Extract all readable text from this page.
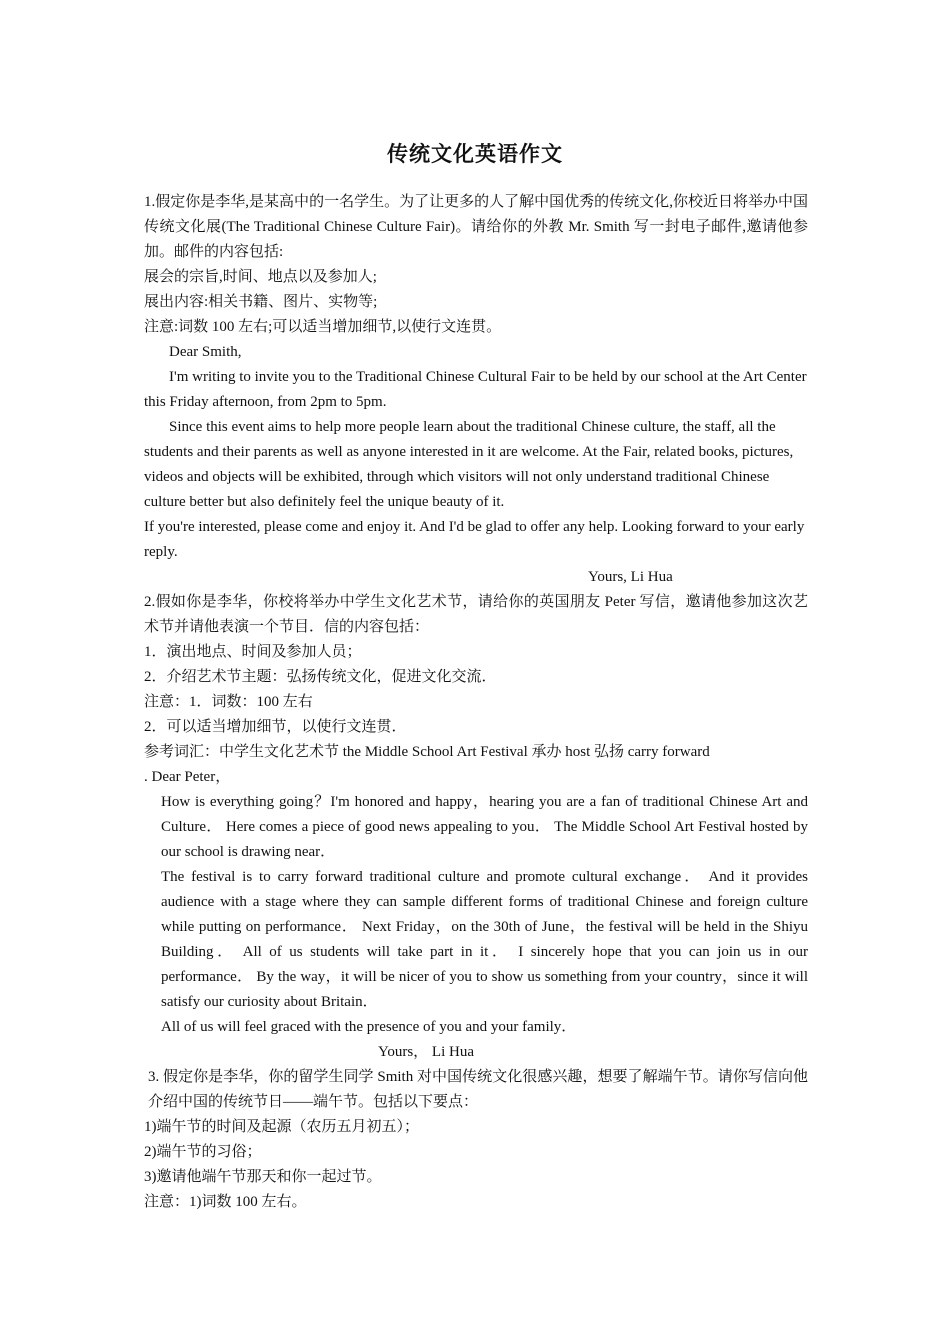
传统文化英语作文

1.假定你是李华,是某高中的一名学生。为了让更多的人了解中国优秀的传统文化,你校近日将举办中国传统文化展(The Traditional Chinese Culture Fair)。请给你的外教 Mr. Smith 写一封电子邮件,邀请他参加。邮件的内容包括:

展会的宗旨,时间、地点以及参加人;

展出内容:相关书籍、图片、实物等;

注意:词数 100 左右;可以适当增加细节,以使行文连贯。

Dear Smith,

I'm writing to invite you to the Traditional Chinese Cultural Fair to be held by our school at the Art Center this Friday afternoon, from 2pm to 5pm.

Since this event aims to help more people learn about the traditional Chinese culture, the staff, all the students and their parents as well as anyone interested in it are welcome. At the Fair, related books, pictures, videos and objects will be exhibited, through which visitors will not only understand traditional Chinese culture better but also definitely feel the unique beauty of it.

If you're interested, please come and enjoy it. And I'd be glad to offer any help. Looking forward to your early reply.

Yours, Li Hua

2.假如你是李华，你校将举办中学生文化艺术节，请给你的英国朋友 Peter 写信，邀请他参加这次艺术节并请他表演一个节目．信的内容包括：

1．演出地点、时间及参加人员；

2．介绍艺术节主题：弘扬传统文化，促进文化交流．

注意：1．词数：100 左右

2．可以适当增加细节，以使行文连贯．

参考词汇：中学生文化艺术节 the Middle School Art Festival 承办 host 弘扬 carry forward

. Dear Peter，

How is everything going？I'm honored and happy，hearing you are a fan of traditional Chinese Art and Culture． Here comes a piece of good news appealing to you． The Middle School Art Festival hosted by our school is drawing near．

The festival is to carry forward traditional culture and promote cultural exchange． And it provides audience with a stage where they can sample different forms of traditional Chinese and foreign culture while putting on performance． Next Friday，on the 30th of June，the festival will be held in the Shiyu Building． All of us students will take part in it． I sincerely hope that you can join us in our performance． By the way，it will be nicer of you to show us something from your country，since it will satisfy our curiosity about Britain．

All of us will feel graced with the presence of you and your family．

Yours， Li Hua

3. 假定你是李华，你的留学生同学 Smith 对中国传统文化很感兴趣，想要了解端午节。请你写信向他介绍中国的传统节日——端午节。包括以下要点：

1)端午节的时间及起源（农历五月初五）；

2)端午节的习俗；

3)邀请他端午节那天和你一起过节。

注意：1)词数 100 左右。
